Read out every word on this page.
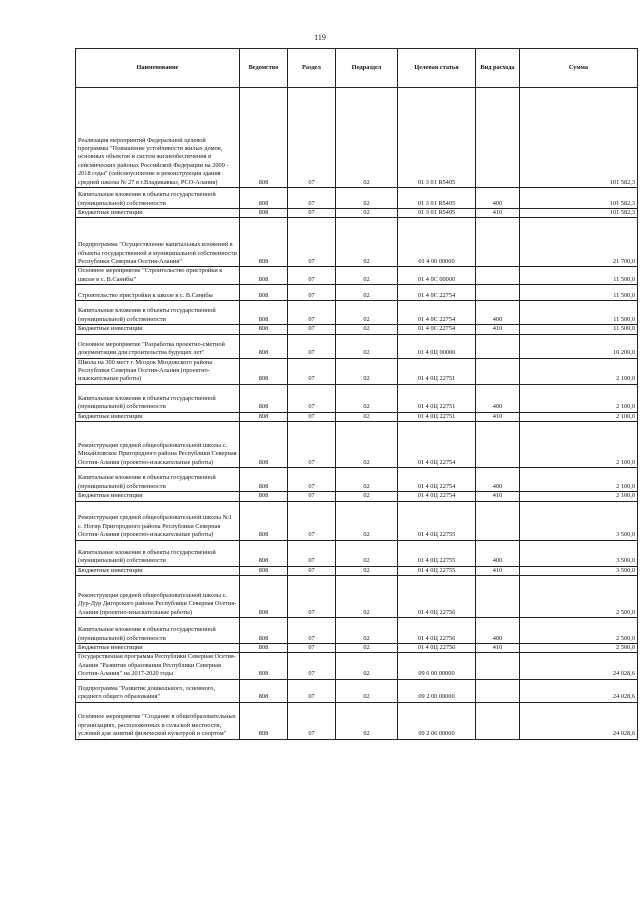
119
Наименование	Ведомство	Раздел	Подраздел	Целевая статья	Вид расхода	Сумма
Реализация мероприятий Федеральной целевой программы "Повышение устойчивости жилых домов, основных объектов и систем жизнеобеспечения в сейсмических районах Российской Федерации на 2009 - 2018 годы" (сейсмоусиление и реконструкция здания средней школы № 27 в г.Владикавказ, РСО-Алания)	808	07	02	01 3 01 R5405		101 582,3
Капитальные вложения в объекты государственной (муниципальной) собственности	808	07	02	01 3 01 R5405	400	101 582,3
Бюджетные инвестиции	808	07	02	01 3 01 R5405	410	101 582,3
Подпрограмма "Осуществление капитальных вложений в объекты государственной и муниципальной собственности Республики Северная Осетия-Алания"	808	07	02	01 4 00 00000		21 700,0
Основное мероприятие "Строительство пристройки к школе в с. В.Санибы"	808	07	02	01 4 0С 00000		11 500,0
Строительство пристройки к школе в с. В.Санибы	808	07	02	01 4 0С 22754		11 500,0
Капитальные вложения в объекты государственной (муниципальной) собственности	808	07	02	01 4 0С 22754	400	11 500,0
Бюджетные инвестиции	808	07	02	01 4 0С 22754	410	11 500,0
Основное мероприятие "Разработка проектно-сметной документации для строительства будущих лет"	808	07	02	01 4 0Ц 00000		10 200,0
Школа на 300 мест г. Моздок Моздокского района Республики Северная Осетия-Алания (проектно-изыскательные работы)	808	07	02	01 4 0Ц 22751		2 100,0
Капитальные вложения в объекты государственной (муниципальной) собственности	808	07	02	01 4 0Ц 22751	400	2 100,0
Бюджетные инвестиции	808	07	02	01 4 0Ц 22751	410	2 100,0
Реконструкция средней общеобразовательной школы с. Михайловское Пригородного района Республики Северная Осетия-Алания (проектно-изыскательные работы)	808	07	02	01 4 0Ц 22754		2 100,0
Капитальные вложения в объекты государственной (муниципальной) собственности	808	07	02	01 4 0Ц 22754	400	2 100,0
Бюджетные инвестиции	808	07	02	01 4 0Ц 22754	410	2 100,0
Реконструкция средней общеобразовательной школы №1 с. Ногир Пригородного района Республики Северная Осетия-Алания (проектно-изыскательные работы)	808	07	02	01 4 0Ц 22755		3 500,0
Капитальные вложения в объекты государственной (муниципальной) собственности	808	07	02	01 4 0Ц 22755	400	3 500,0
Бюджетные инвестиции	808	07	02	01 4 0Ц 22755	410	3 500,0
Реконструкция средней общеобразовательной школы с. Дур-Дур Дигорского района Республики Северная Осетия-Алания (проектно-изыскательные работы)	808	07	02	01 4 0Ц 22756		2 500,0
Капитальные вложения в объекты государственной (муниципальной) собственности	808	07	02	01 4 0Ц 22756	400	2 500,0
Бюджетные инвестиции	808	07	02	01 4 0Ц 22756	410	2 500,0
Государственная программа Республики Северная Осетия-Алания "Развитие образования Республики Северная Осетия-Алания" на 2017-2020 годы	808	07	02	09 0 00 00000		24 028,6
Подпрограмма "Развитие дошкольного, основного, среднего общего образования"	808	07	02	09 2 00 00000		24 028,6
Основное мероприятие "Создание в общеобразовательных организациях, расположенных в сельской местности, условий для занятий физической культурой и спортом"	808	07	02	09 2 06 00000		24 028,6
